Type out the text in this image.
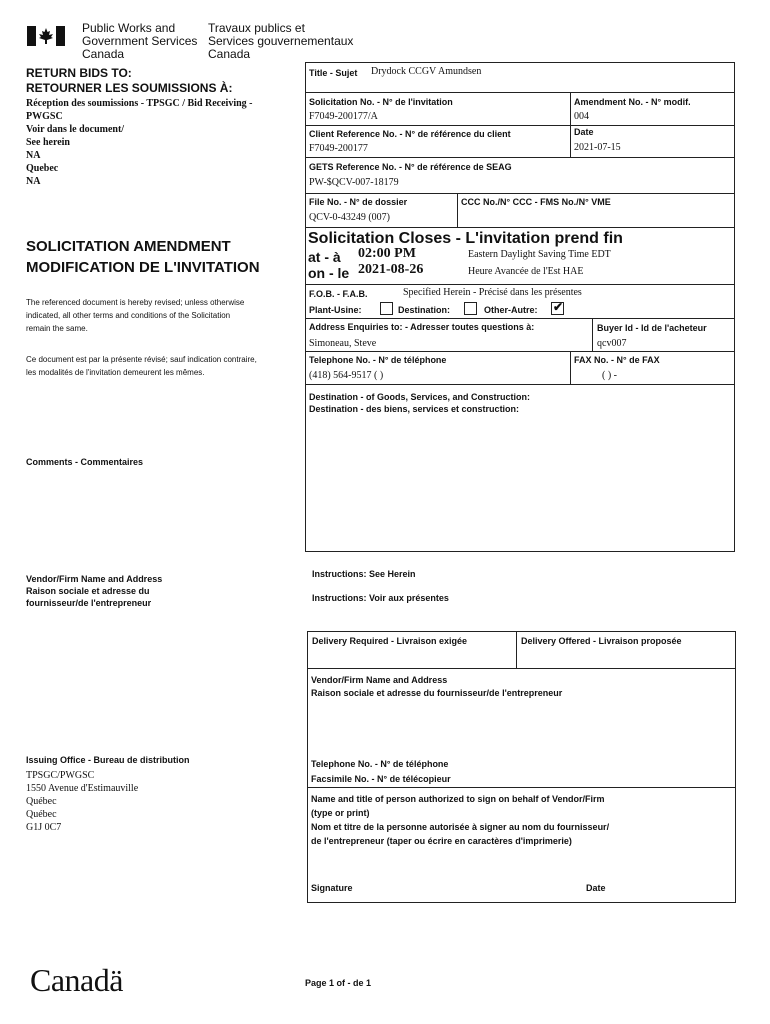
Public Works and
Government Services
Canada
Travaux publics et
Services gouvernementaux
Canada
RETURN BIDS TO:
RETOURNER LES SOUMISSIONS À:
Réception des soumissions - TPSGC / Bid Receiving -
PWGSC
Voir dans le document/
See herein
NA
Quebec
NA
SOLICITATION AMENDMENT
MODIFICATION DE L'INVITATION
The referenced document is hereby revised; unless otherwise
indicated, all other terms and conditions of the Solicitation
remain the same.
Ce document est par la présente révisé; sauf indication contraire,
les modalités de l'invitation demeurent les mêmes.
Comments - Commentaires
Vendor/Firm Name and Address
Raison sociale et adresse du
fournisseur/de l'entrepreneur
Issuing Office - Bureau de distribution
TPSGC/PWGSC
1550 Avenue d'Estimauville
Québec
Québec
G1J 0C7
Title - Sujet Drydock CCGV Amundsen
Solicitation No. - N° de l'invitation
F7049-200177/A
Amendment No. - N° modif.
004
Client Reference No. - N° de référence du client
F7049-200177
Date
2021-07-15
GETS Reference No. - N° de référence de SEAG
PW-$QCV-007-18179
File No. - N° de dossier
QCV-0-43249 (007)
CCC No./N° CCC - FMS No./N° VME
Solicitation Closes - L'invitation prend fin
at - à 02:00 PM	Eastern Daylight Saving Time EDT
on - le 2021-08-26	Heure Avancée de l'Est HAE
F.O.B. - F.A.B.	Specified Herein - Précisé dans les présentes
Plant-Usine:	Destination:	Other-Autre: ✔
Address Enquiries to: - Adresser toutes questions à:
Simoneau, Steve
Buyer Id - Id de l'acheteur
qcv007
Telephone No. - N° de téléphone
(418) 564-9517 ( )
FAX No. - N° de FAX
( ) -
Destination - of Goods, Services, and Construction:
Destination - des biens, services et construction:
Instructions: See Herein
Instructions: Voir aux présentes
Delivery Required - Livraison exigée	Delivery Offered - Livraison proposée
Vendor/Firm Name and Address
Raison sociale et adresse du fournisseur/de l'entrepreneur
Telephone No. - N° de téléphone
Facsimile No. - N° de télécopieur
Name and title of person authorized to sign on behalf of Vendor/Firm
(type or print)
Nom et titre de la personne autorisée à signer au nom du fournisseur/
de l'entrepreneur (taper ou écrire en caractères d'imprimerie)
Signature	Date
Canadä	Page 1 of - de 1
